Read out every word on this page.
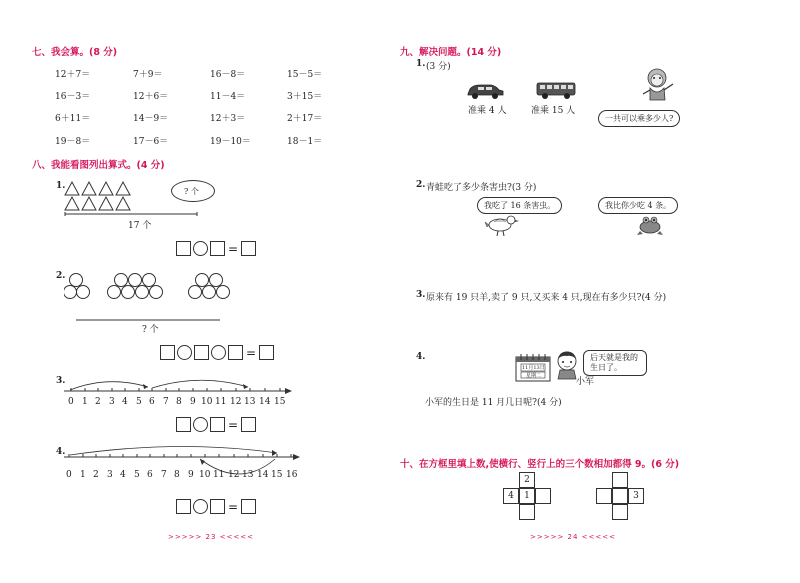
七、我会算。(8 分)
12＋7＝	7＋9＝	16－8＝	15－5＝
16－3＝	12＋6＝	11－4＝	3＋15＝
6＋11＝	14－9＝	12＋3＝	2＋17＝
19－8＝	17－6＝	19－10＝	18－1＝
八、我能看图列出算式。(4 分)
1.
? 个
17 个
=
2.
? 个
=
3.
0 1 2 3 4 5 6 7 8 9 10 11 12 13 14 15
=
4.
0 1 2 3 4 5 6 7 8 9 10 11 12 13 14 15 16
=
>>>>> 23 <<<<<
九、解决问题。(14 分)
1. (3 分)
准乘 4 人	准乘 15 人
一共可以乘多少人?
2. 青蛙吃了多少条害虫?(3 分)
我吃了 16 条害虫。	我比你少吃 4 条。
3. 原来有 19 只羊,卖了 9 只,又买来 4 只,现在有多少只?(4 分)
4.
11月13日
星期二
小军
后天就是我的生日了。
小军的生日是 11 月几日呢?(4 分)
十、在方框里填上数,使横行、竖行上的三个数相加都得 9。(6 分)
2
4	1	3
>>>>> 24 <<<<<
